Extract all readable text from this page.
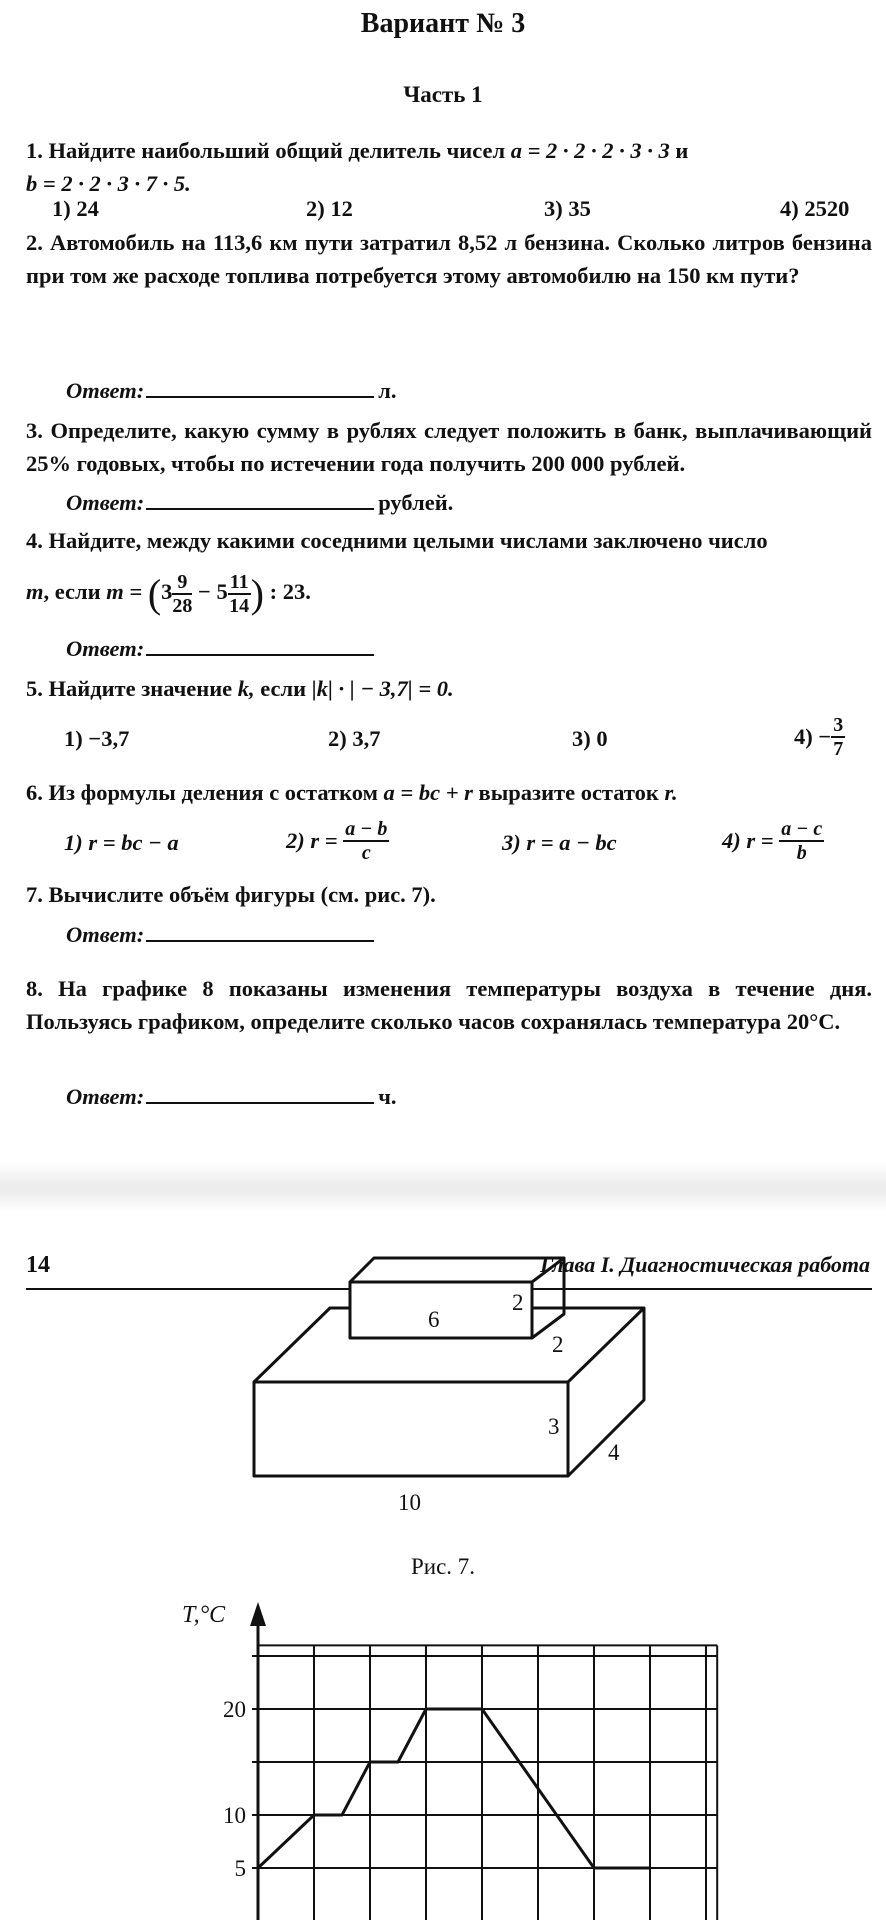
Вариант № 3
Часть 1
1. Найдите наибольший общий делитель чисел a = 2 · 2 · 2 · 3 · 3 и
b = 2 · 2 · 3 · 7 · 5.
1) 24	2) 12	3) 35	4) 2520
2. Автомобиль на 113,6 км пути затратил 8,52 л бензина. Сколько литров бензина при том же расходе топлива потребуется этому автомобилю на 150 км пути?
Ответ:	л.
3. Определите, какую сумму в рублях следует положить в банк, выплачивающий 25% годовых, чтобы по истечении года получить 200 000 рублей.
Ответ:	рублей.
4. Найдите, между какими соседними целыми числами заключено число
m, если $m = (3 \frac{9}{28} - 5 \frac{11}{14}$ ) : 23.
Ответ:
5. Найдите значение k, если |k| · | − 3,7| = 0.
1) −3,7	2) 3,7	3) 0	$4) - \frac{3}{7}$
6. Из формулы деления с остатком a = bc + r выразите остаток r.
1) r = bc − a	2) $r = \frac{a - b}{c}$	3) r = a − bc	4) $r = \frac{a - c}{b}$
7. Вычислите объём фигуры (см. рис. 7).
Ответ:
8. На графике 8 показаны изменения температуры воздуха в течение дня. Пользуясь графиком, определите сколько часов сохранялась температура 20°C.
Ответ:	ч.
14	Глава I. Диагностическая работа
6
2
2
3
4
10
Рис. 7.
5
10
20
T,°C
